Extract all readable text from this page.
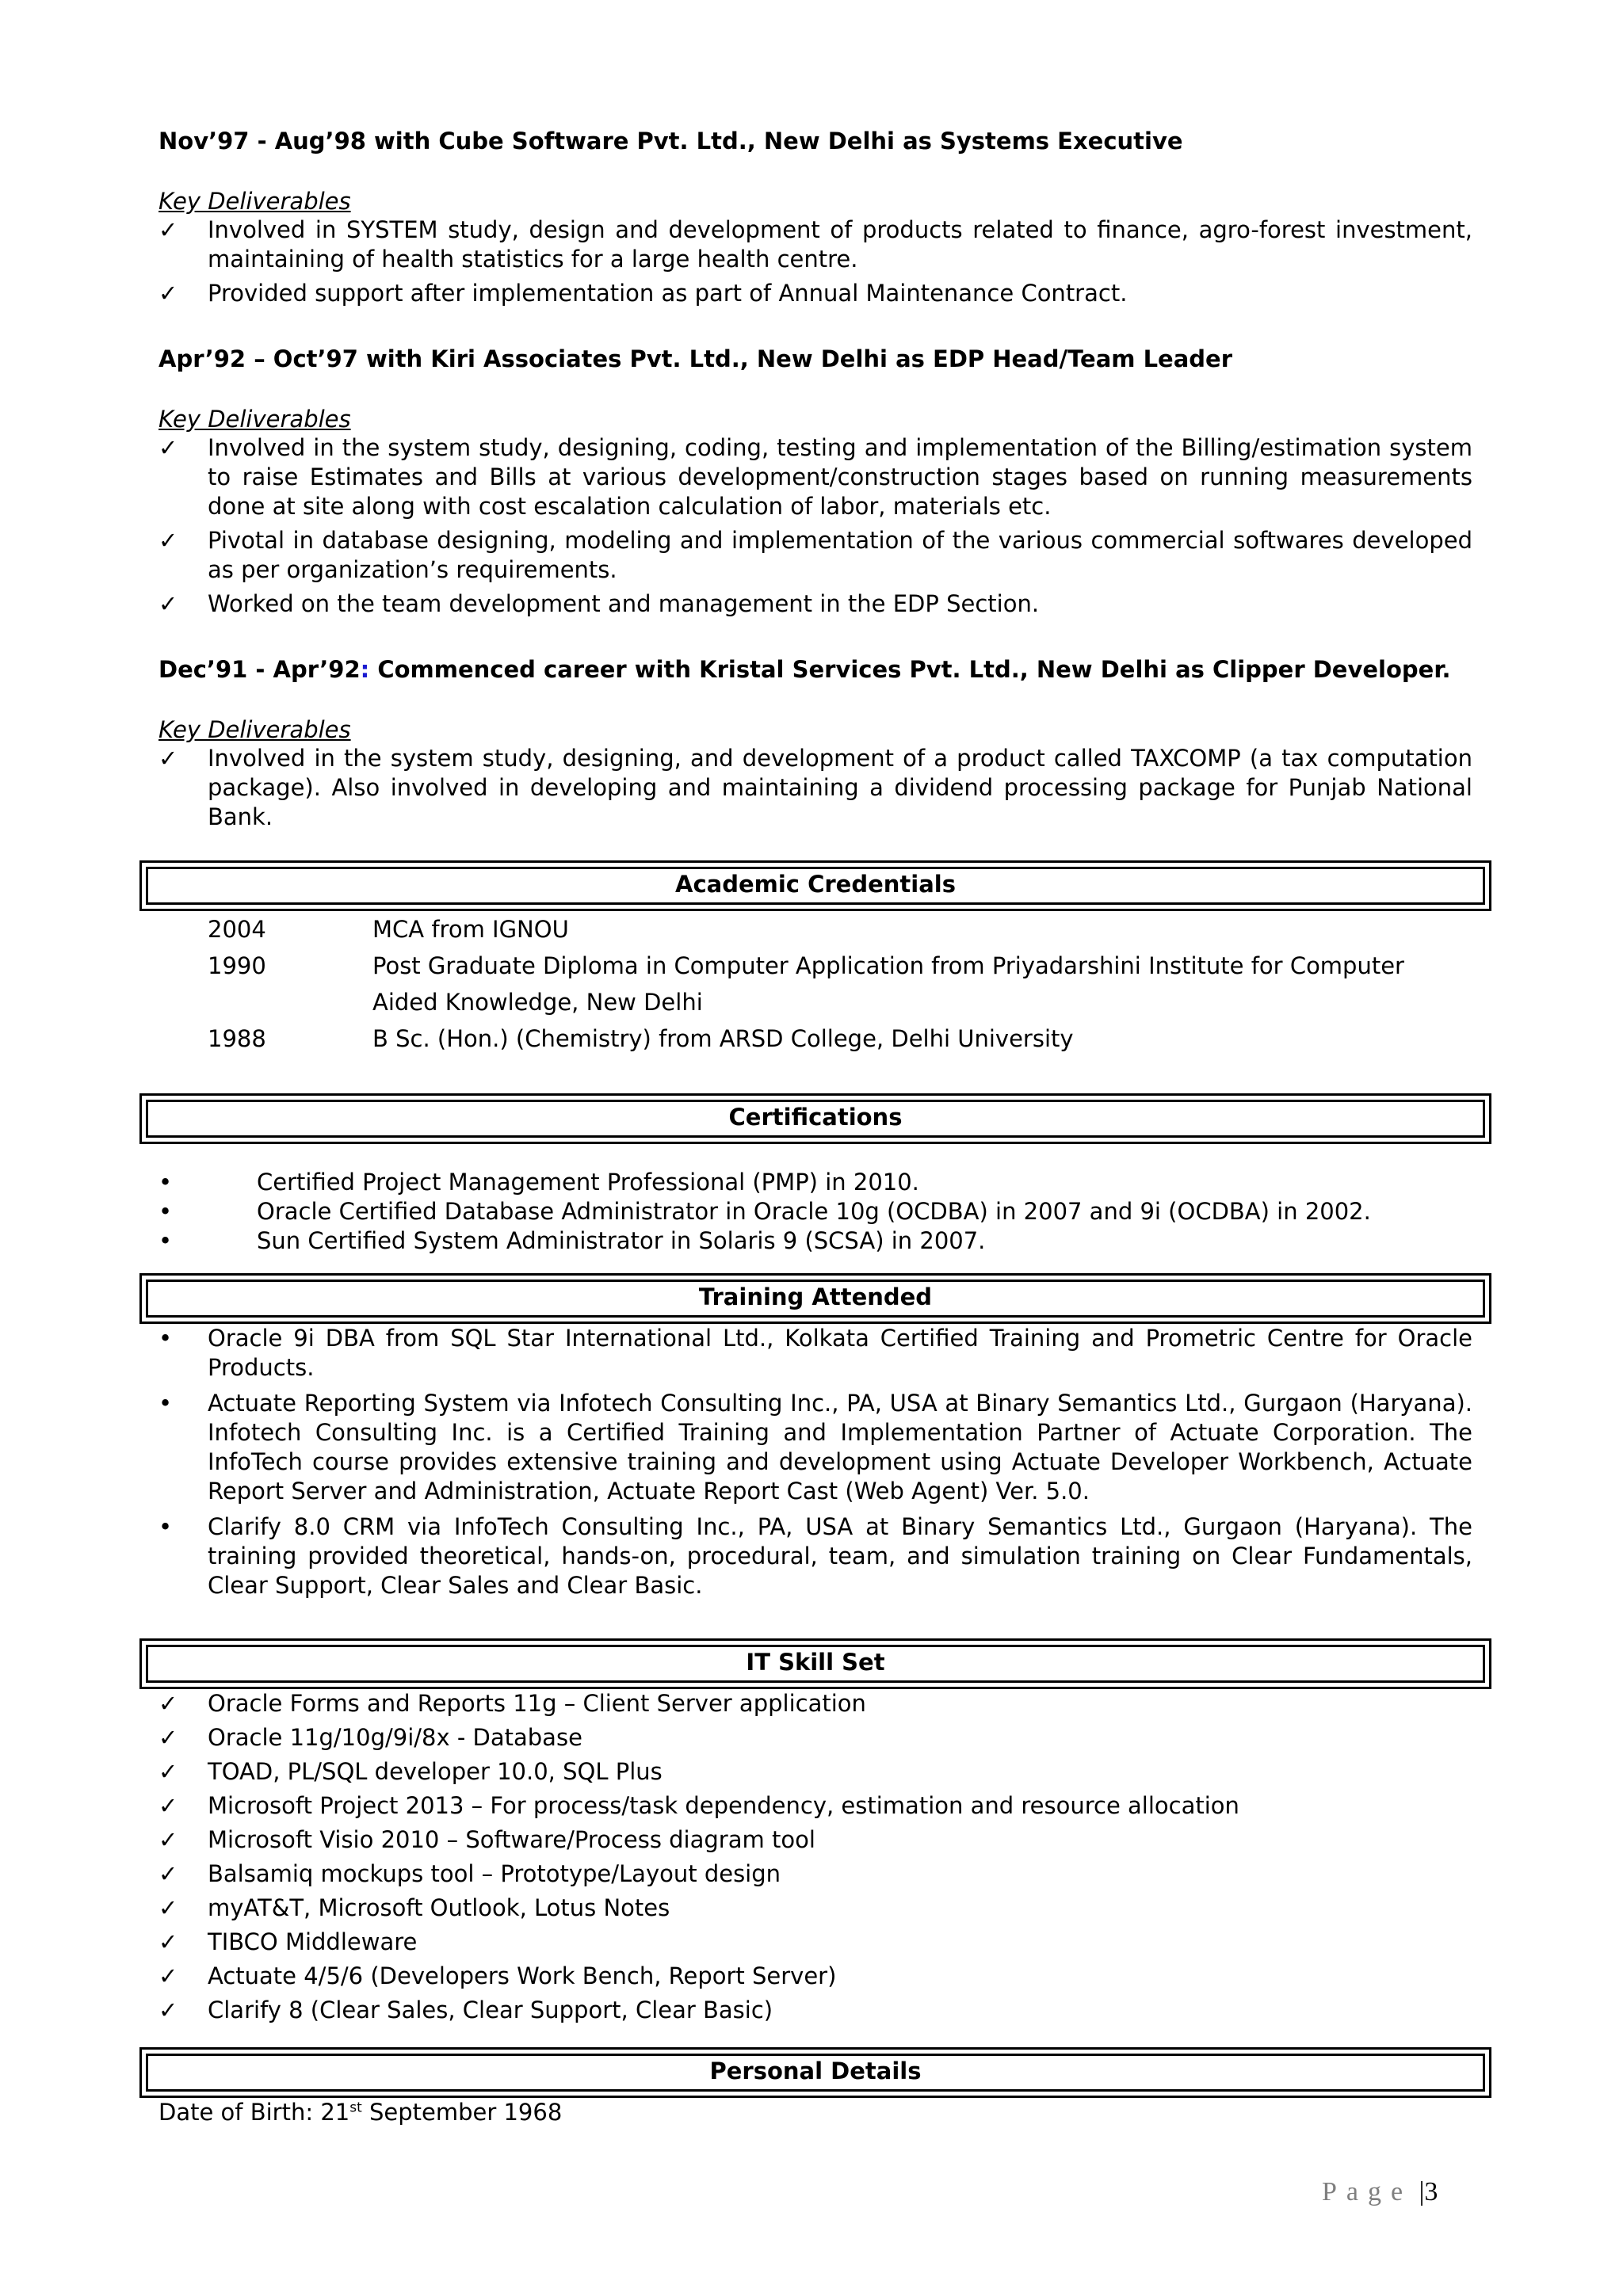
Nov’97 - Aug’98 with Cube Software Pvt. Ltd., New Delhi as Systems Executive

Key Deliverables

✓ Involved in SYSTEM study, design and development of products related to finance, agro-forest investment, maintaining of health statistics for a large health centre.
✓ Provided support after implementation as part of Annual Maintenance Contract.

Apr’92 – Oct’97 with Kiri Associates Pvt. Ltd., New Delhi as EDP Head/Team Leader

Key Deliverables

✓ Involved in the system study, designing, coding, testing and implementation of the Billing/estimation system to raise Estimates and Bills at various development/construction stages based on running measurements done at site along with cost escalation calculation of labor, materials etc.
✓ Pivotal in database designing, modeling and implementation of the various commercial softwares developed as per organization’s requirements.
✓ Worked on the team development and management in the EDP Section.

Dec’91 - Apr’92: Commenced career with Kristal Services Pvt. Ltd., New Delhi as Clipper Developer.

Key Deliverables

✓ Involved in the system study, designing, and development of a product called TAXCOMP (a tax computation package). Also involved in developing and maintaining a dividend processing package for Punjab National Bank.
Academic Credentials
2004	MCA from IGNOU
1990	Post Graduate Diploma in Computer Application from Priyadarshini Institute for Computer Aided Knowledge, New Delhi
1988	B Sc. (Hon.) (Chemistry) from ARSD College, Delhi University
Certifications
•	Certified Project Management Professional (PMP) in 2010.
•	Oracle Certified Database Administrator in Oracle 10g (OCDBA) in 2007 and 9i (OCDBA) in 2002.
•	Sun Certified System Administrator in Solaris 9 (SCSA) in 2007.
Training Attended
• Oracle 9i DBA from SQL Star International Ltd., Kolkata Certified Training and Prometric Centre for Oracle Products.
• Actuate Reporting System via Infotech Consulting Inc., PA, USA at Binary Semantics Ltd., Gurgaon (Haryana). Infotech Consulting Inc. is a Certified Training and Implementation Partner of Actuate Corporation. The InfoTech course provides extensive training and development using Actuate Developer Workbench, Actuate Report Server and Administration, Actuate Report Cast (Web Agent) Ver. 5.0.
• Clarify 8.0 CRM via InfoTech Consulting Inc., PA, USA at Binary Semantics Ltd., Gurgaon (Haryana). The training provided theoretical, hands-on, procedural, team, and simulation training on Clear Fundamentals, Clear Support, Clear Sales and Clear Basic.
IT Skill Set
✓ Oracle Forms and Reports 11g – Client Server application
✓ Oracle 11g/10g/9i/8x - Database
✓ TOAD, PL/SQL developer 10.0, SQL Plus
✓ Microsoft Project 2013 – For process/task dependency, estimation and resource allocation
✓ Microsoft Visio 2010 – Software/Process diagram tool
✓ Balsamiq mockups tool – Prototype/Layout design
✓ myAT&T, Microsoft Outlook, Lotus Notes
✓ TIBCO Middleware
✓ Actuate 4/5/6 (Developers Work Bench, Report Server)
✓ Clarify 8 (Clear Sales, Clear Support, Clear Basic)
Personal Details

Date of Birth: 21st September 1968

Page |3
